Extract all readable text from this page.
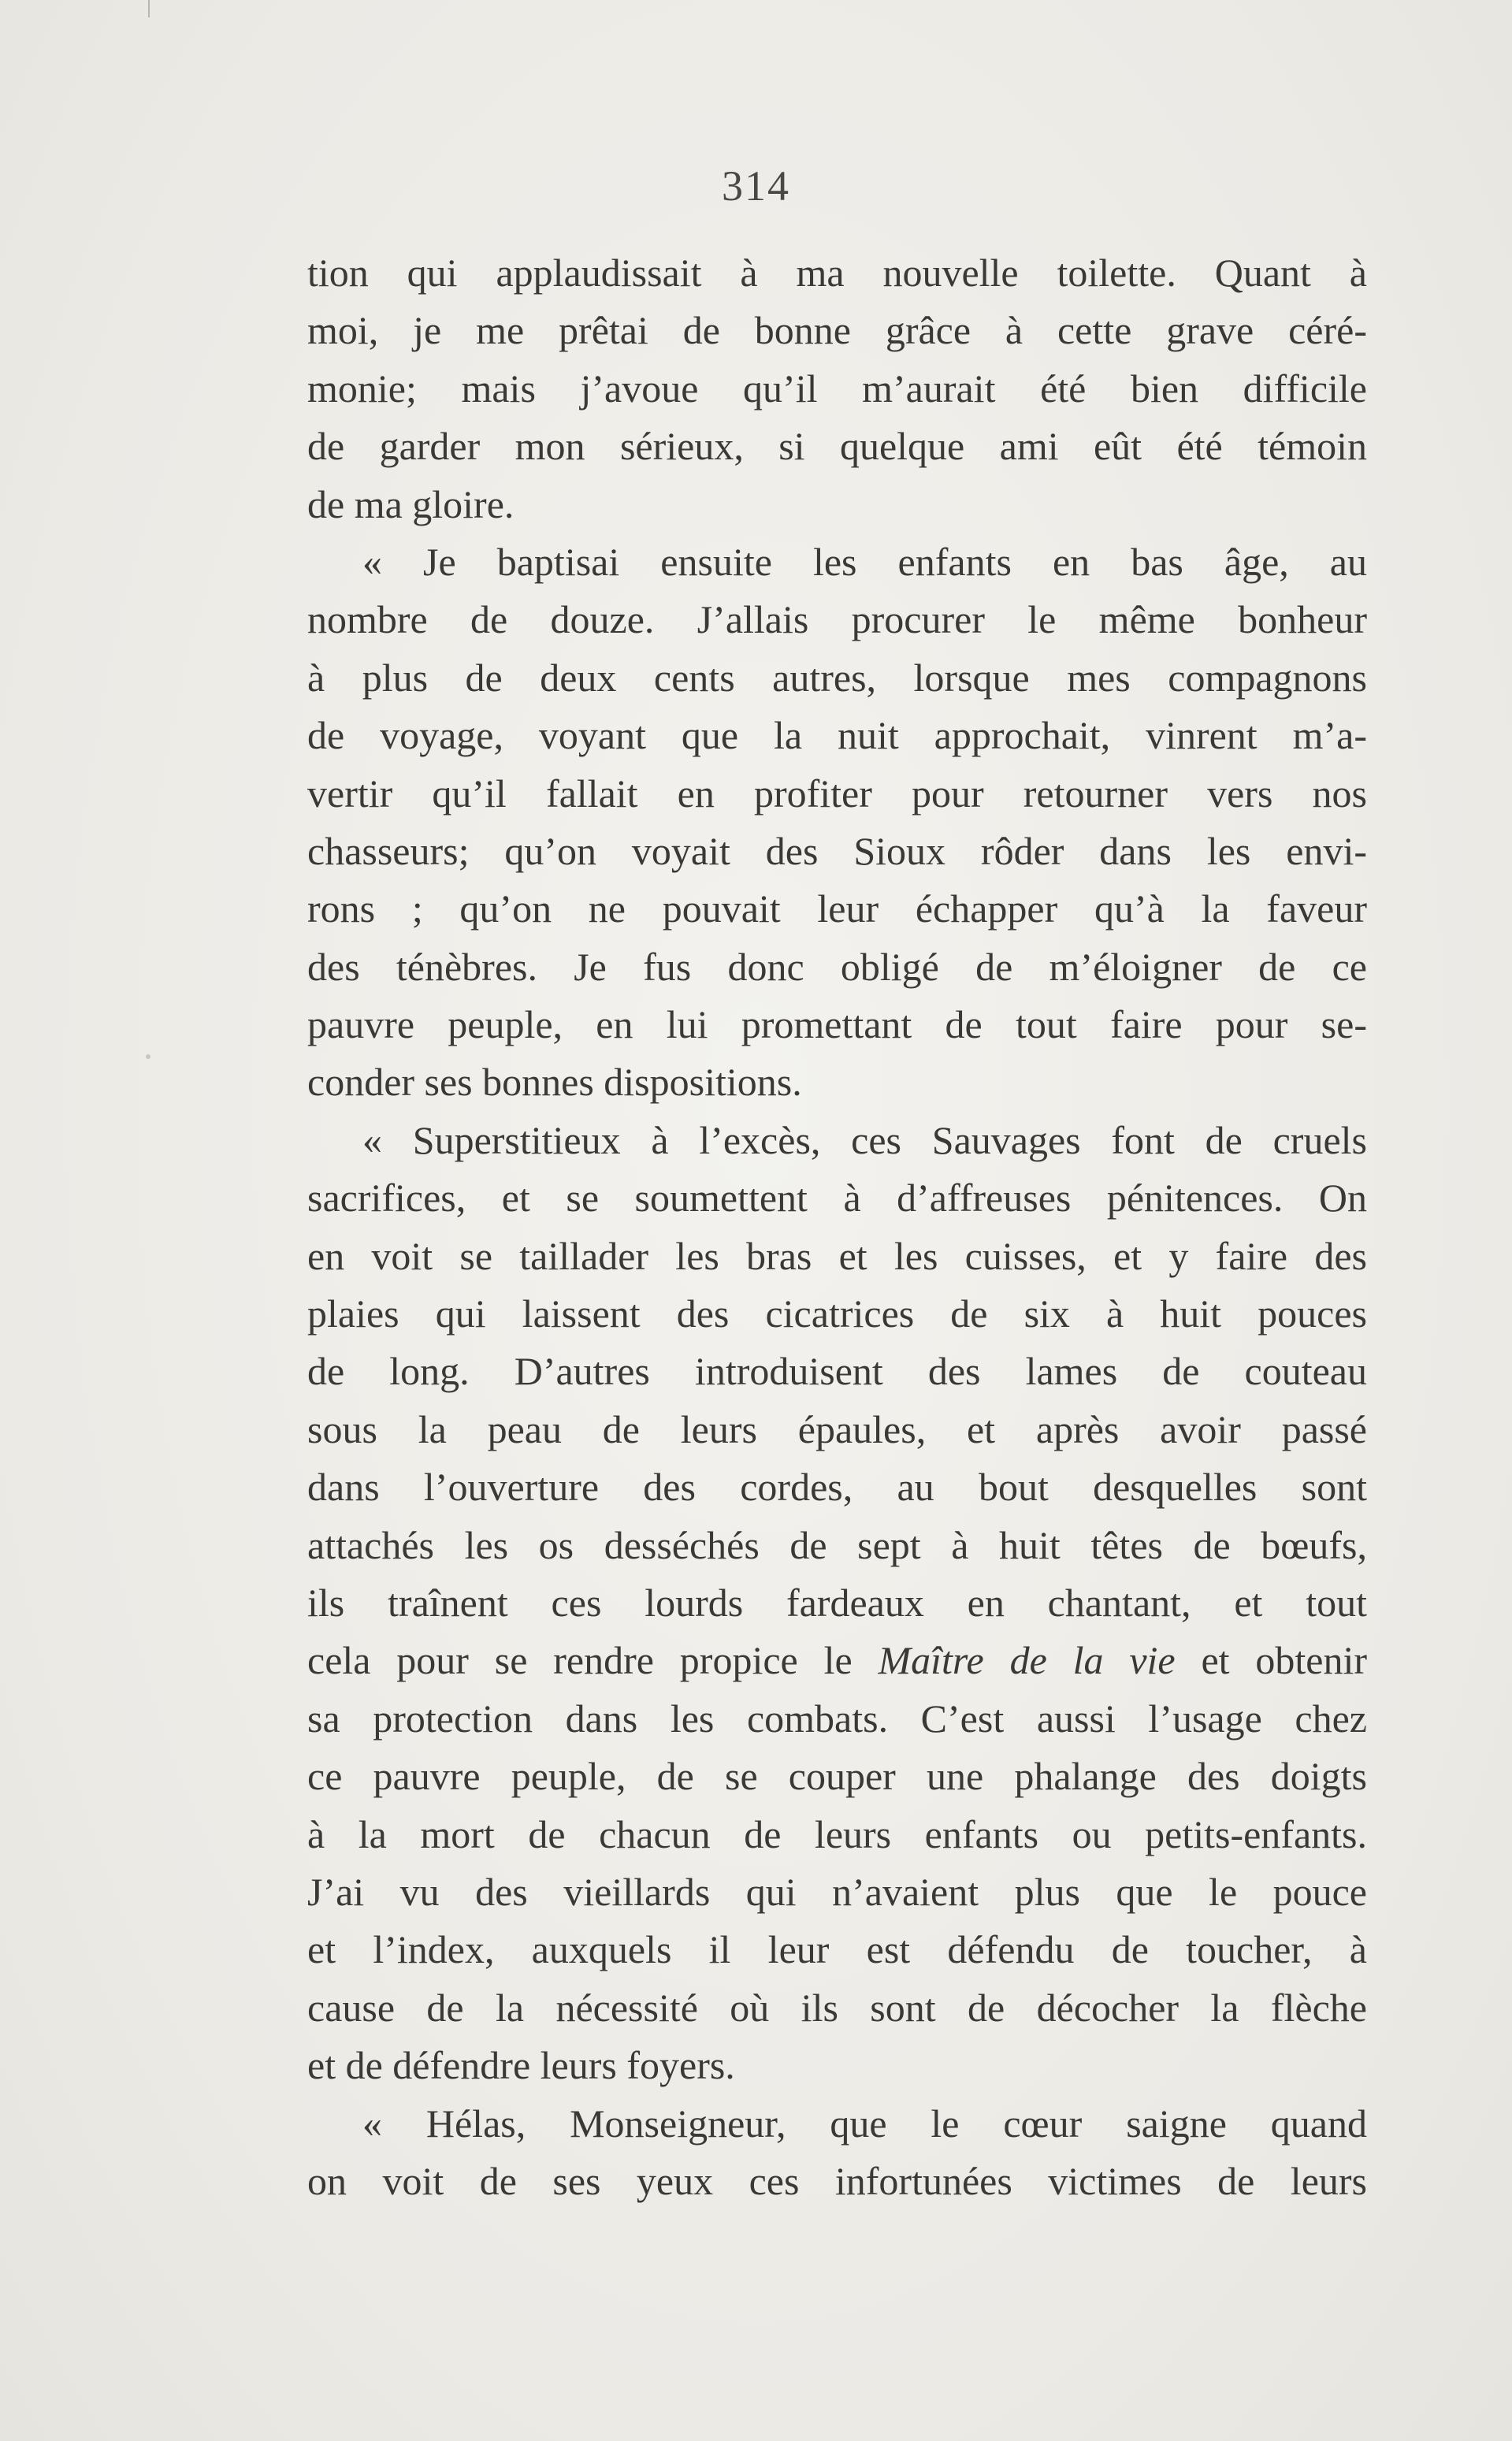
314
tion qui applaudissait à ma nouvelle toilette. Quant à
moi, je me prêtai de bonne grâce à cette grave céré-
monie; mais j’avoue qu’il m’aurait été bien difficile
de garder mon sérieux, si quelque ami eût été témoin
de ma gloire.
« Je baptisai ensuite les enfants en bas âge, au
nombre de douze. J’allais procurer le même bonheur
à plus de deux cents autres, lorsque mes compagnons
de voyage, voyant que la nuit approchait, vinrent m’a-
vertir qu’il fallait en profiter pour retourner vers nos
chasseurs; qu’on voyait des Sioux rôder dans les envi-
rons ; qu’on ne pouvait leur échapper qu’à la faveur
des ténèbres. Je fus donc obligé de m’éloigner de ce
pauvre peuple, en lui promettant de tout faire pour se-
conder ses bonnes dispositions.
« Superstitieux à l’excès, ces Sauvages font de cruels
sacrifices, et se soumettent à d’affreuses pénitences. On
en voit se taillader les bras et les cuisses, et y faire des
plaies qui laissent des cicatrices de six à huit pouces
de long. D’autres introduisent des lames de couteau
sous la peau de leurs épaules, et après avoir passé
dans l’ouverture des cordes, au bout desquelles sont
attachés les os desséchés de sept à huit têtes de bœufs,
ils traînent ces lourds fardeaux en chantant, et tout
cela pour se rendre propice le Maître de la vie et obtenir
sa protection dans les combats. C’est aussi l’usage chez
ce pauvre peuple, de se couper une phalange des doigts
à la mort de chacun de leurs enfants ou petits-enfants.
J’ai vu des vieillards qui n’avaient plus que le pouce
et l’index, auxquels il leur est défendu de toucher, à
cause de la nécessité où ils sont de décocher la flèche
et de défendre leurs foyers.
« Hélas, Monseigneur, que le cœur saigne quand
on voit de ses yeux ces infortunées victimes de leurs
